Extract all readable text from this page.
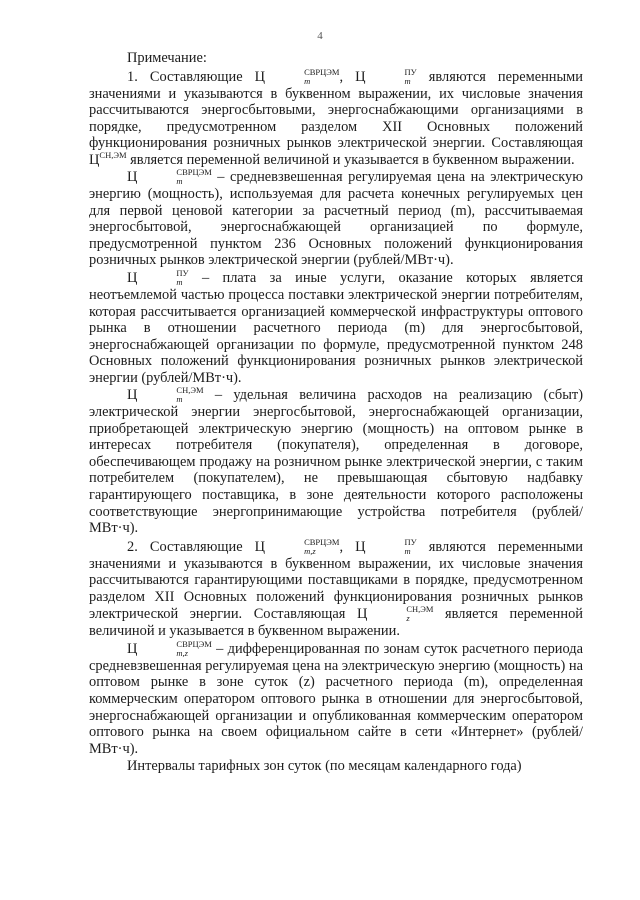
4

Примечание:

1. Составляющие Ц	СВРЦЭМ
m	, Ц	ПУ
m	являются переменными значениями и указываются в буквенном выражении, их числовые значения рассчитываются энергосбытовыми, энергоснабжающими организациями в порядке, предусмотренном разделом XII Основных положений функционирования розничных рынков электрической энергии. Составляющая $Ц^{СН,ЭМ}$ является переменной величиной и указывается в буквенном выражении.

Ц	СВРЦЭМ
m	– средневзвешенная регулируемая цена на электрическую энергию (мощность), используемая для расчета конечных регулируемых цен для первой ценовой категории за расчетный период (m), рассчитываемая энергосбытовой, энергоснабжающей организацией по формуле, предусмотренной пунктом 236 Основных положений функционирования розничных рынков электрической энергии (рублей/МВт·ч).

Ц	ПУ
m	– плата за иные услуги, оказание которых является неотъемлемой частью процесса поставки электрической энергии потребителям, которая рассчитывается организацией коммерческой инфраструктуры оптового рынка в отношении расчетного периода (m) для энергосбытовой, энергоснабжающей организации по формуле, предусмотренной пунктом 248 Основных положений функционирования розничных рынков электрической энергии (рублей/МВт·ч).

Ц	СН,ЭМ
m	– удельная величина расходов на реализацию (сбыт) электрической энергии энергосбытовой, энергоснабжающей организации, приобретающей электрическую энергию (мощность) на оптовом рынке в интересах потребителя (покупателя), определенная в договоре, обеспечивающем продажу на розничном рынке электрической энергии, с таким потребителем (покупателем), не превышающая сбытовую надбавку гарантирующего поставщика, в зоне деятельности которого расположены соответствующие энергопринимающие устройства потребителя (рублей/МВт·ч).

2. Составляющие Ц	СВРЦЭМ
m,z	, Ц	ПУ
m	являются переменными значениями и указываются в буквенном выражении, их числовые значения рассчитываются гарантирующими поставщиками в порядке, предусмотренном разделом XII Основных положений функционирования розничных рынков электрической энергии. Составляющая Ц	СН,ЭМ
z	является переменной величиной и указывается в буквенном выражении.

Ц	СВРЦЭМ
m,z	– дифференцированная по зонам суток расчетного периода средневзвешенная регулируемая цена на электрическую энергию (мощность) на оптовом рынке в зоне суток (z) расчетного периода (m), определенная коммерческим оператором оптового рынка в отношении для энергосбытовой, энергоснабжающей организации и опубликованная коммерческим оператором оптового рынка на своем официальном сайте в сети «Интернет» (рублей/МВт·ч).

Интервалы тарифных зон суток (по месяцам календарного года)
